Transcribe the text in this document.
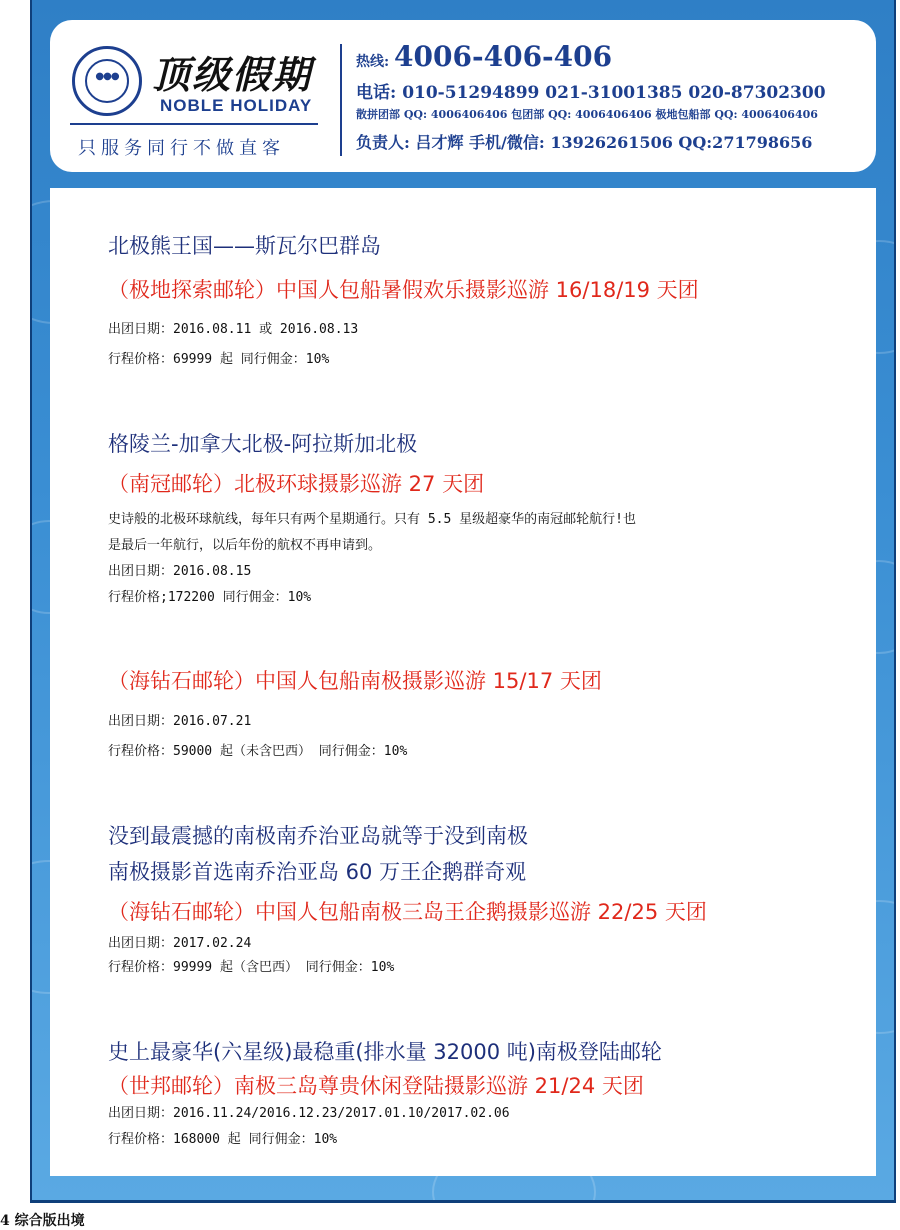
●●● 顶级假期
NOBLE HOLIDAY
只服务同行不做直客
热线: 4006-406-406
电话: 010-51294899 021-31001385 020-87302300
散拼团部 QQ: 4006406406 包团部 QQ: 4006406406 极地包船部 QQ: 4006406406
负责人: 吕才辉 手机/微信: 13926261506 QQ:271798656
北极熊王国——斯瓦尔巴群岛
（极地探索邮轮）中国人包船暑假欢乐摄影巡游 16/18/19 天团
出团日期：2016.08.11 或 2016.08.13
行程价格：69999 起 同行佣金：10%
格陵兰-加拿大北极-阿拉斯加北极
（南冠邮轮）北极环球摄影巡游 27 天团
史诗般的北极环球航线，每年只有两个星期通行。只有 5.5 星级超豪华的南冠邮轮航行!也
是最后一年航行，以后年份的航权不再申请到。
出团日期：2016.08.15
行程价格;172200 同行佣金：10%
（海钻石邮轮）中国人包船南极摄影巡游 15/17 天团
出团日期：2016.07.21
行程价格：59000 起（未含巴西） 同行佣金：10%
没到最震撼的南极南乔治亚岛就等于没到南极
南极摄影首选南乔治亚岛 60 万王企鹅群奇观
（海钻石邮轮）中国人包船南极三岛王企鹅摄影巡游 22/25 天团
出团日期：2017.02.24
行程价格：99999 起（含巴西） 同行佣金：10%
史上最豪华(六星级)最稳重(排水量 32000 吨)南极登陆邮轮
（世邦邮轮）南极三岛尊贵休闲登陆摄影巡游 21/24 天团
出团日期：2016.11.24/2016.12.23/2017.01.10/2017.02.06
行程价格：168000 起 同行佣金：10%
4 综合版出境
